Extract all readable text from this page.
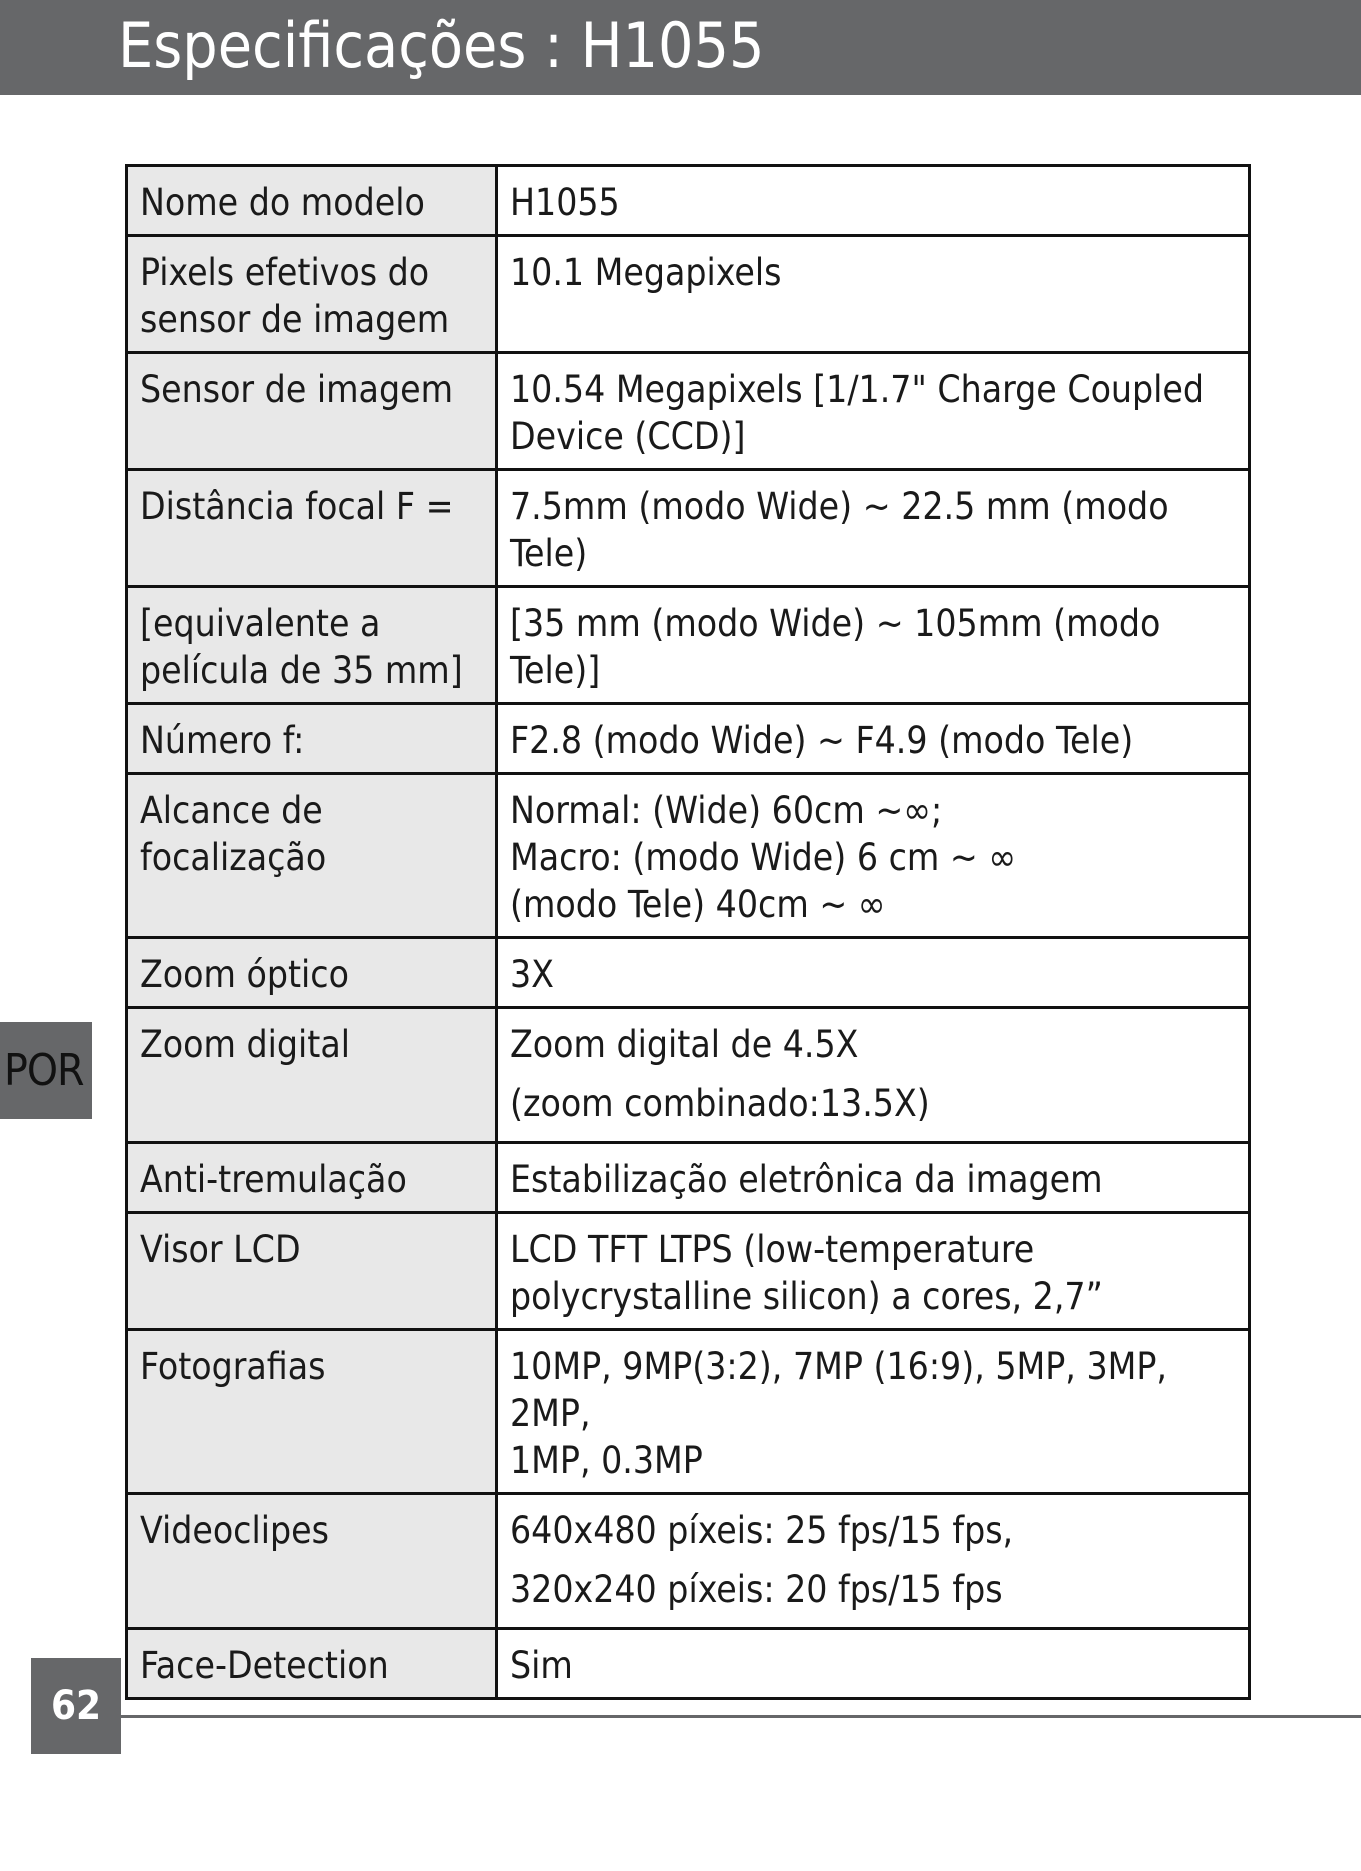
Especificações : H1055
Nome do modelo	H1055
Pixels efetivos do
sensor de imagem	10.1 Megapixels
Sensor de imagem	10.54 Megapixels [1/1.7" Charge Coupled
Device (CCD)]
Distância focal F =	7.5mm (modo Wide) ~ 22.5 mm (modo Tele)
[equivalente a
película de 35 mm]	[35 mm (modo Wide) ~ 105mm (modo Tele)]
Número f:	F2.8 (modo Wide) ~ F4.9 (modo Tele)
Alcance de
focalização	Normal: (Wide) 60cm ~∞;
Macro: (modo Wide) 6 cm ~ ∞
(modo Tele) 40cm ~ ∞
Zoom óptico	3X
Zoom digital	Zoom digital de 4.5X
(zoom combinado:13.5X)
Anti-tremulação	Estabilização eletrônica da imagem
Visor LCD	LCD TFT LTPS (low-temperature
polycrystalline silicon) a cores, 2,7”
Fotografias	10MP, 9MP(3:2), 7MP (16:9), 5MP, 3MP, 2MP,
1MP, 0.3MP
Videoclipes	640x480 píxeis: 25 fps/15 fps,
320x240 píxeis: 20 fps/15 fps
Face-Detection	Sim
POR
62
